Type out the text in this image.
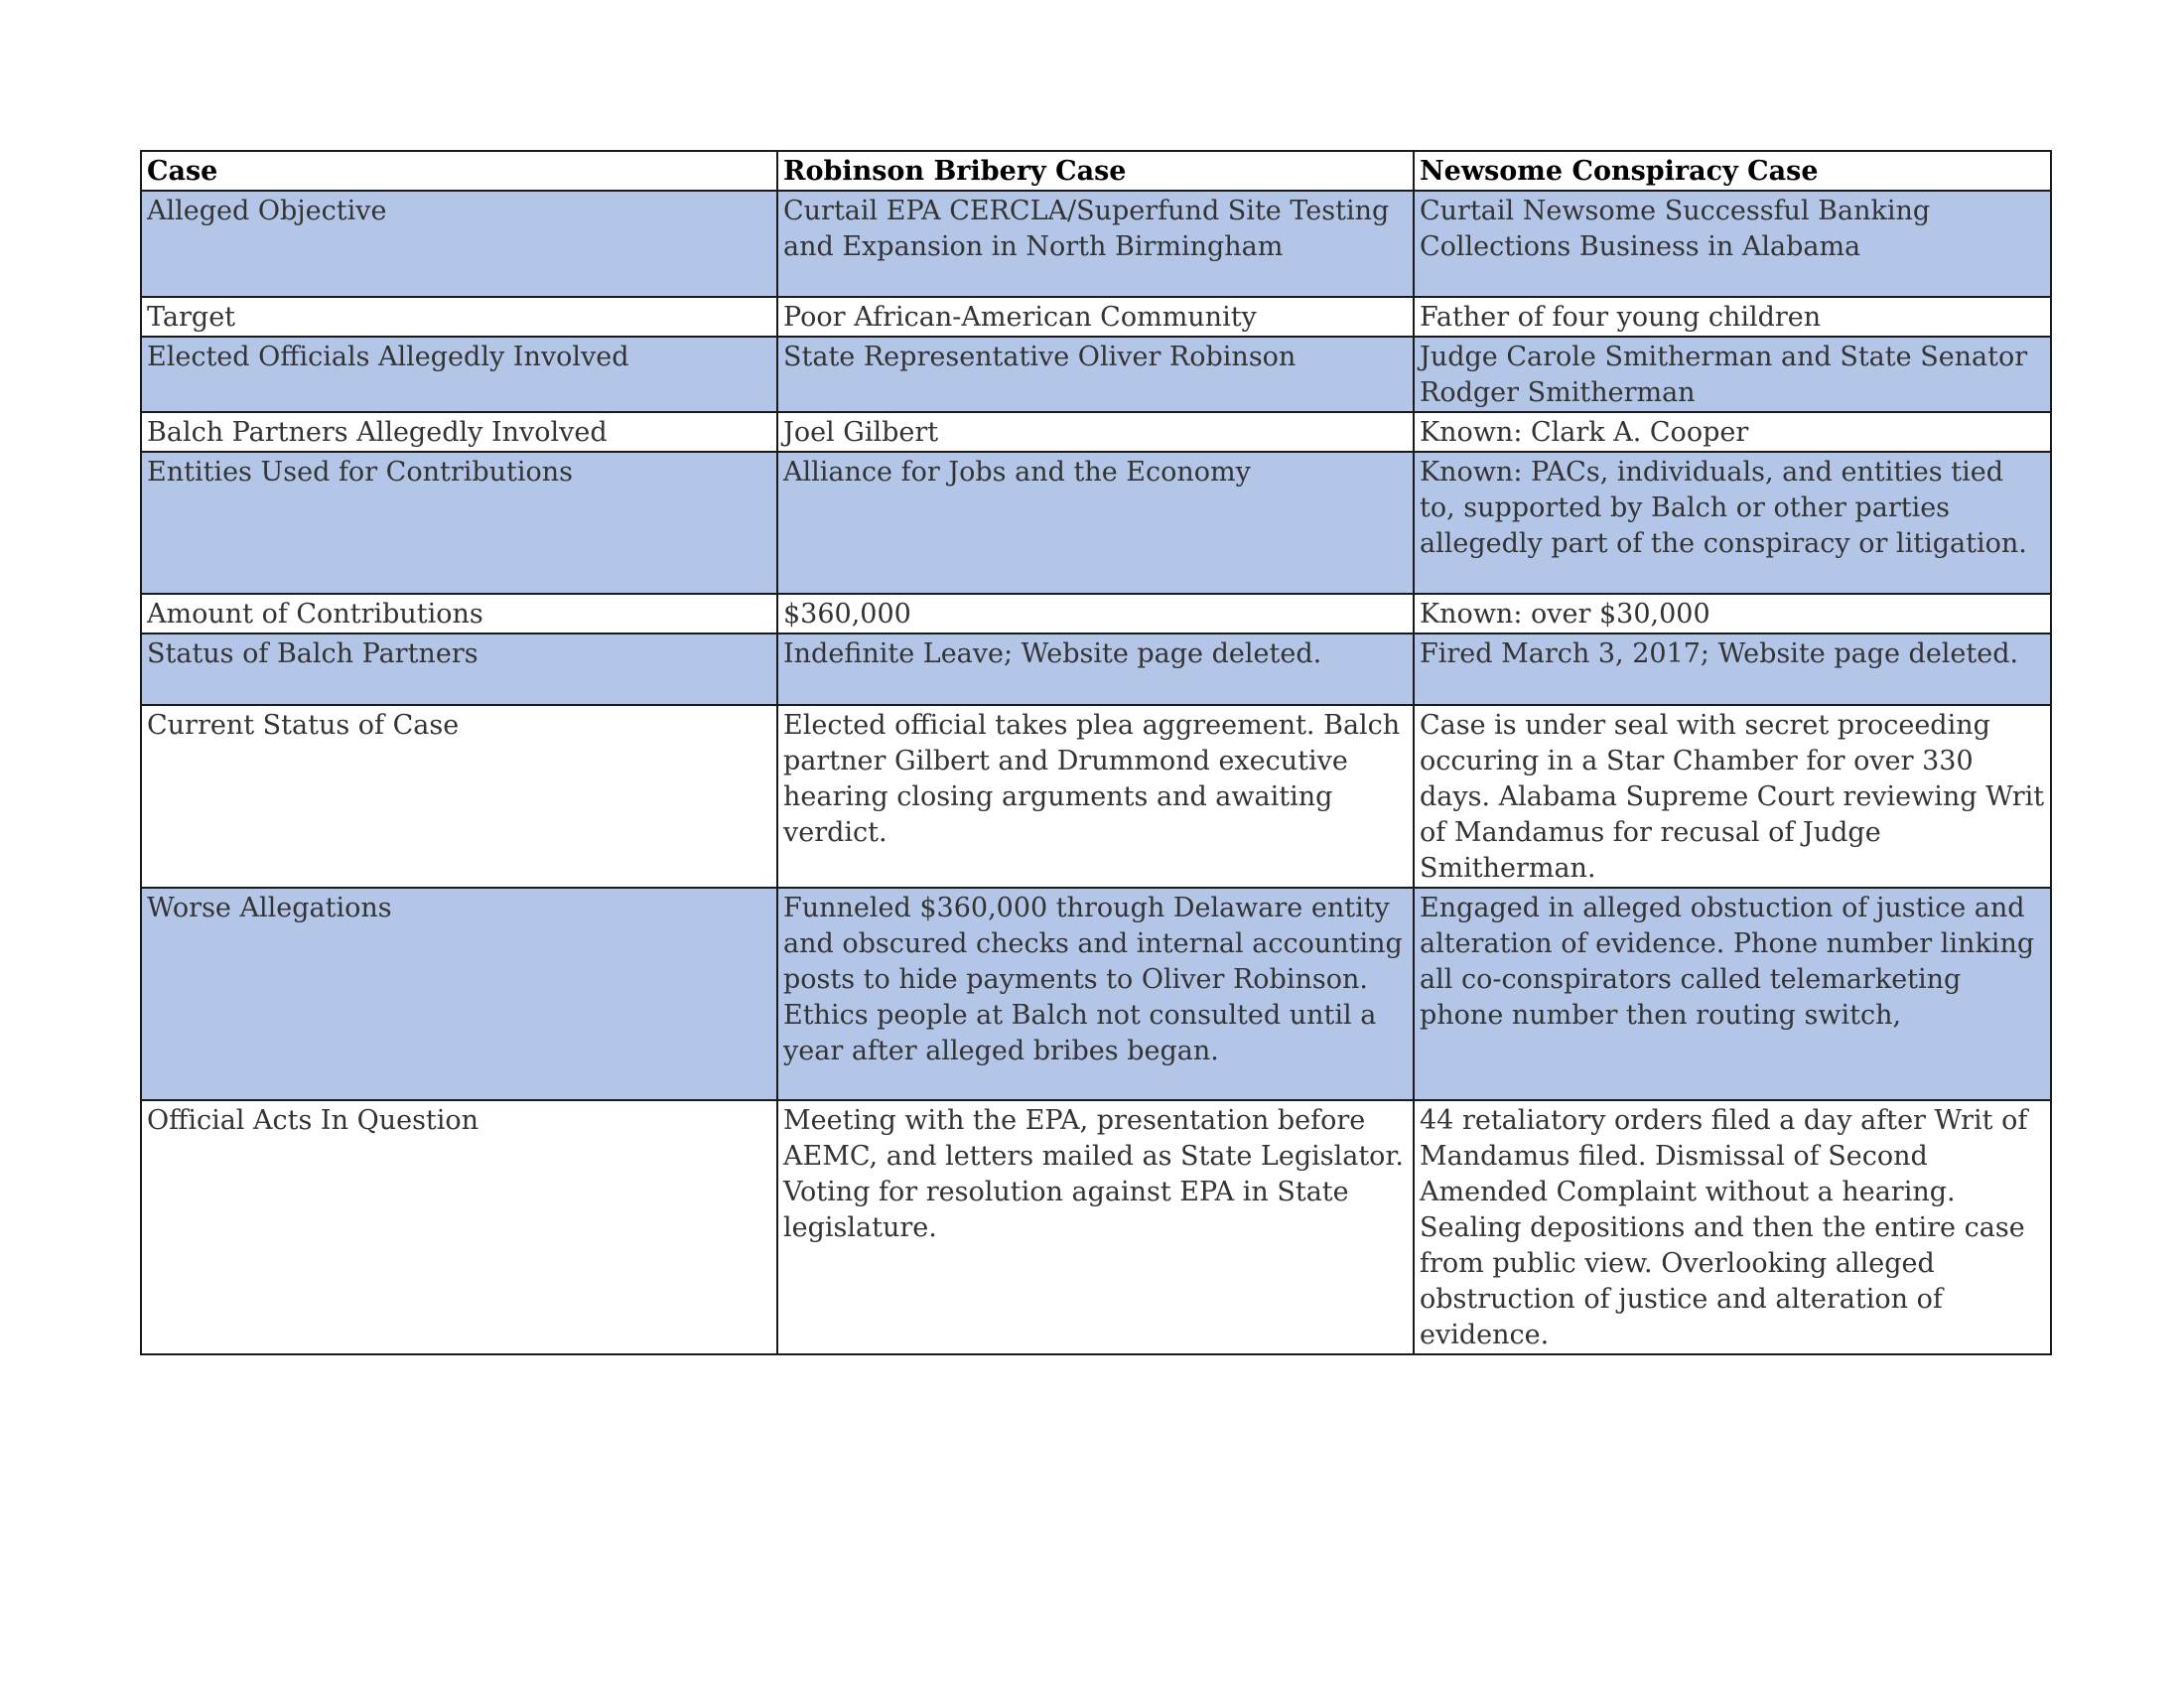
Case	Robinson Bribery Case	Newsome Conspiracy Case
Alleged Objective	Curtail EPA CERCLA/Superfund Site Testing and Expansion in North Birmingham	Curtail Newsome Successful Banking Collections Business in Alabama
Target	Poor African-American Community	Father of four young children
Elected Officials Allegedly Involved	State Representative Oliver Robinson	Judge Carole Smitherman and State Senator Rodger Smitherman
Balch Partners Allegedly Involved	Joel Gilbert	Known: Clark A. Cooper
Entities Used for Contributions	Alliance for Jobs and the Economy	Known: PACs, individuals, and entities tied to, supported by Balch or other parties allegedly part of the conspiracy or litigation.
Amount of Contributions	$360,000	Known: over $30,000
Status of Balch Partners	Indefinite Leave; Website page deleted.	Fired March 3, 2017; Website page deleted.
Current Status of Case	Elected official takes plea aggreement. Balch partner Gilbert and Drummond executive hearing closing arguments and awaiting verdict.	Case is under seal with secret proceeding occuring in a Star Chamber for over 330 days. Alabama Supreme Court reviewing Writ of Mandamus for recusal of Judge Smitherman.
Worse Allegations	Funneled $360,000 through Delaware entity and obscured checks and internal accounting posts to hide payments to Oliver Robinson. Ethics people at Balch not consulted until a year after alleged bribes began.	Engaged in alleged obstuction of justice and alteration of evidence. Phone number linking all co-conspirators called telemarketing phone number then routing switch,
Official Acts In Question	Meeting with the EPA, presentation before AEMC, and letters mailed as State Legislator. Voting for resolution against EPA in State legislature.	44 retaliatory orders filed a day after Writ of Mandamus filed. Dismissal of Second Amended Complaint without a hearing. Sealing depositions and then the entire case from public view. Overlooking alleged obstruction of justice and alteration of evidence.
